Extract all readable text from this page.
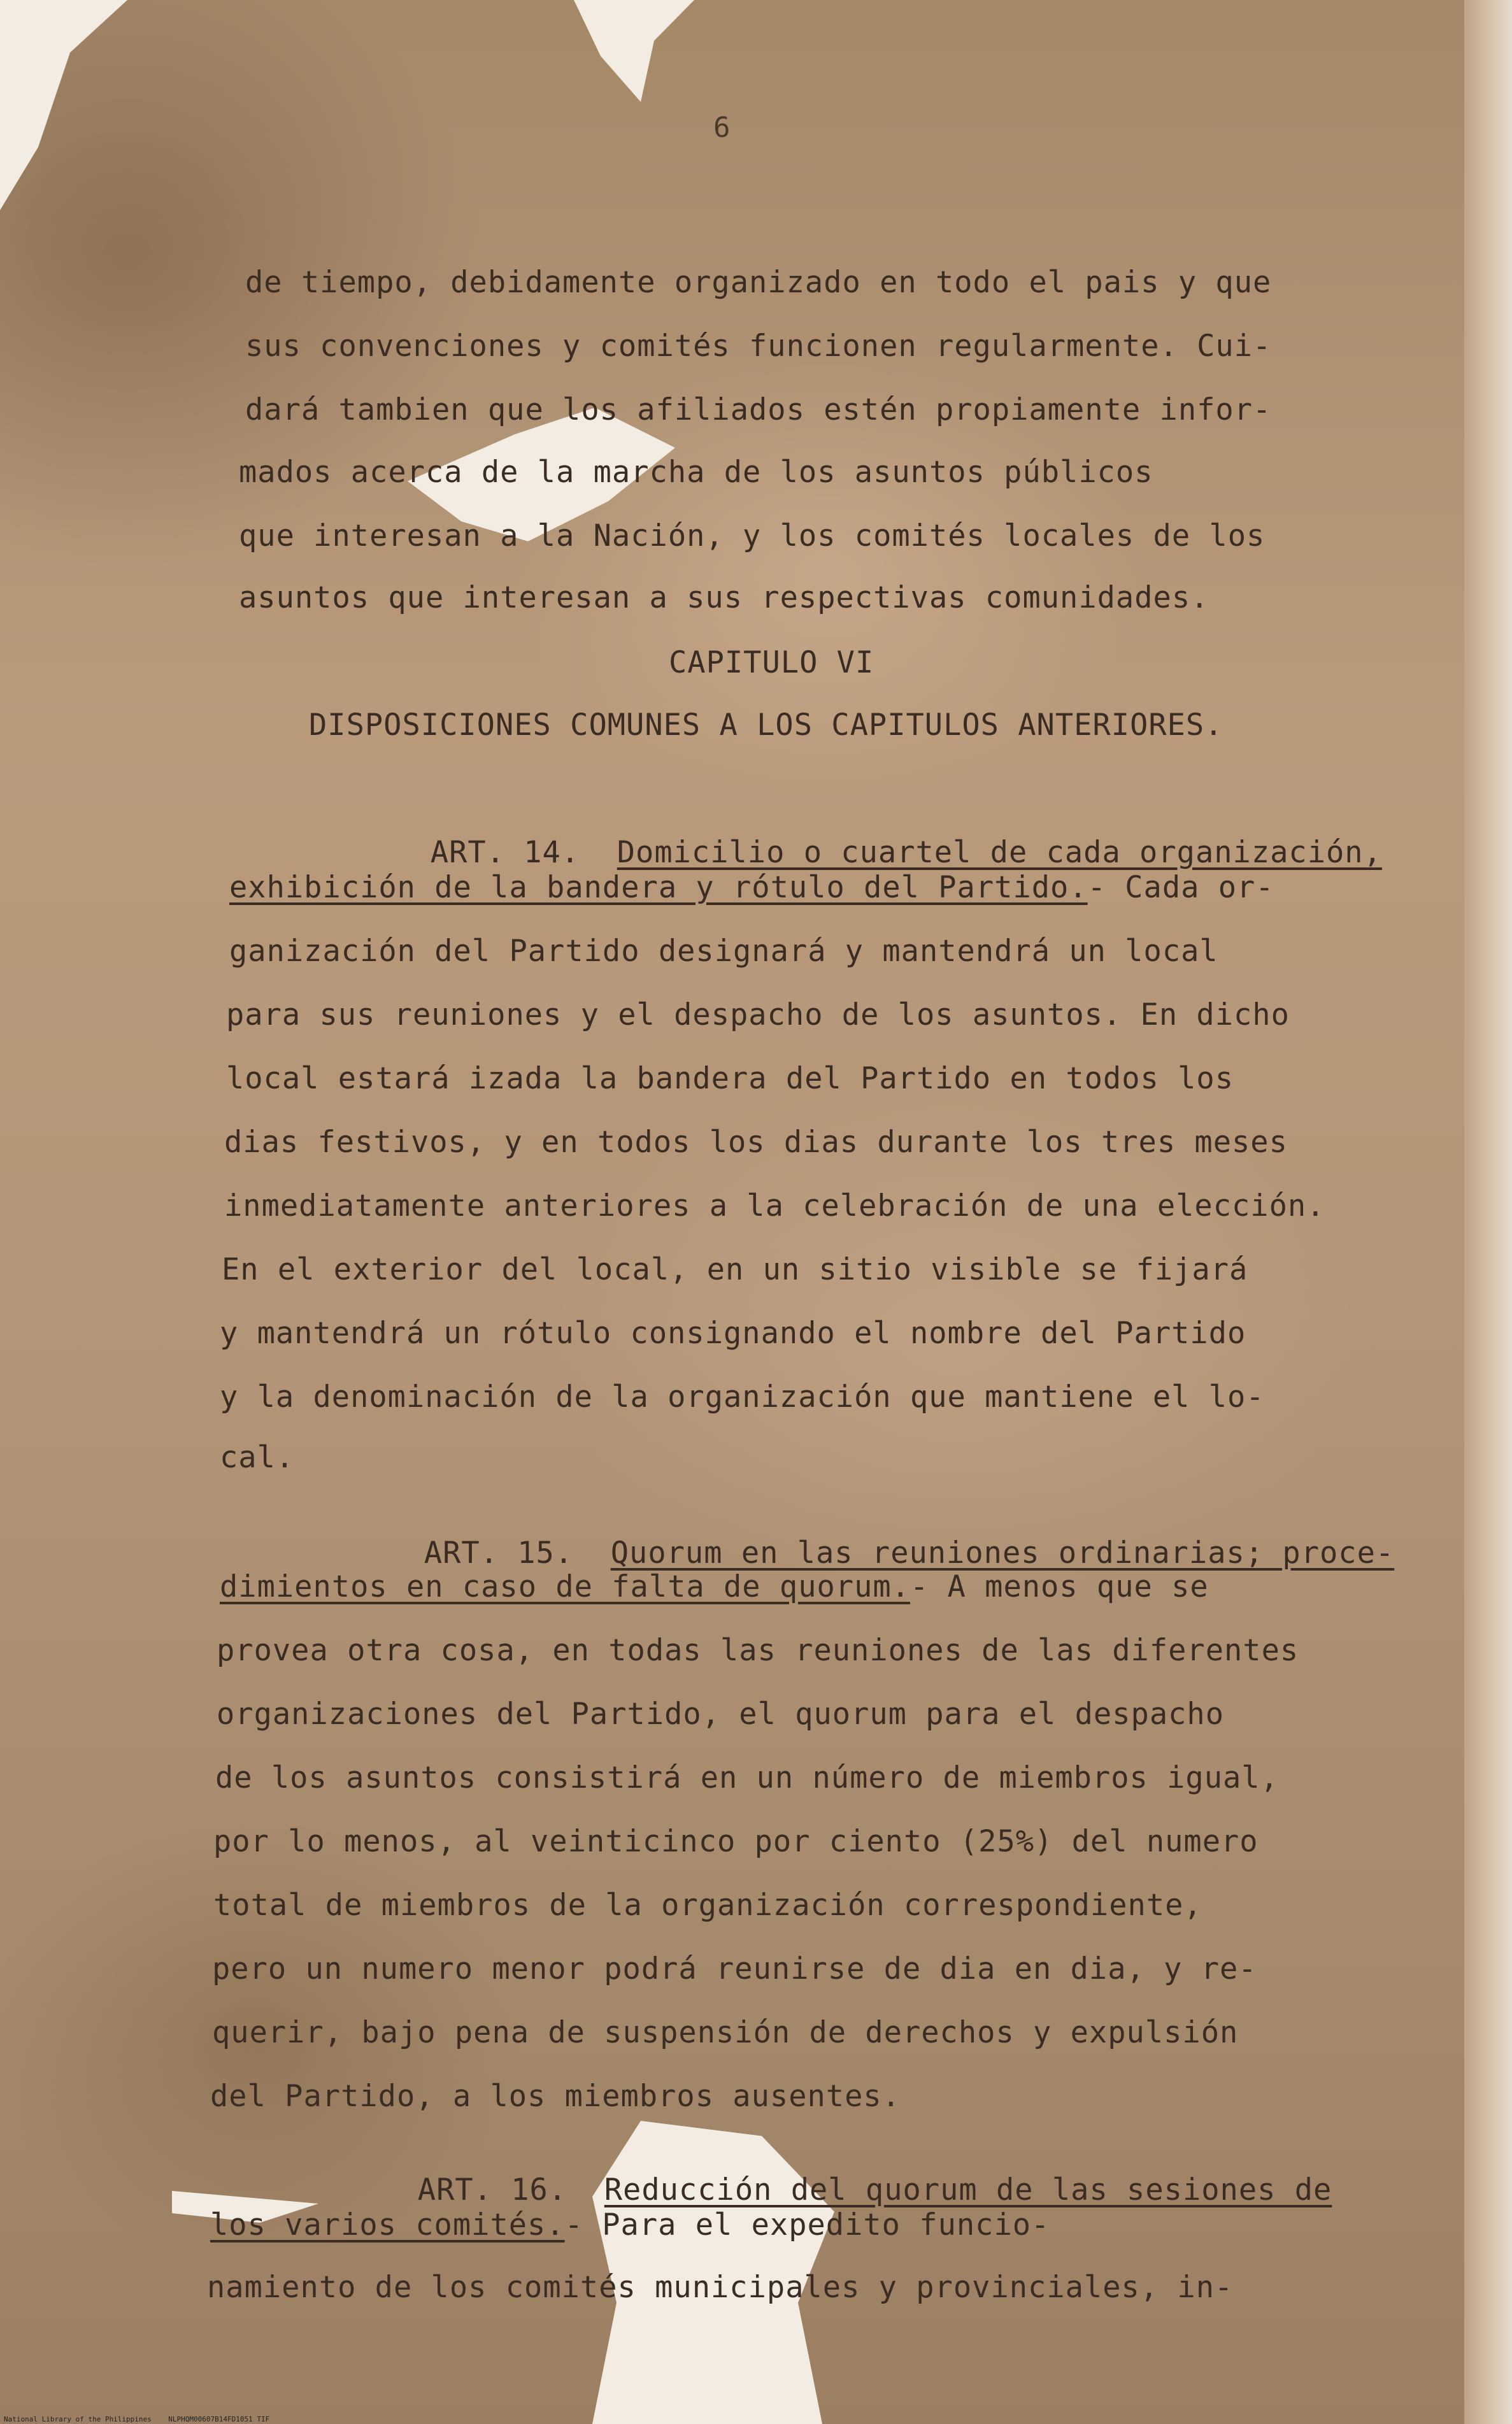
6
de tiempo, debidamente organizado en todo el pais y que
sus convenciones y comités funcionen regularmente. Cui-
dará tambien que los afiliados estén propiamente infor-
mados acerca de la marcha de los asuntos públicos
que interesan a la Nación, y los comités locales de los
asuntos que interesan a sus respectivas comunidades.
CAPITULO VI
DISPOSICIONES COMUNES A LOS CAPITULOS ANTERIORES.

ART. 14. Domicilio o cuartel de cada organización,

exhibición de la bandera y rótulo del Partido.- Cada or-
ganización del Partido designará y mantendrá un local
para sus reuniones y el despacho de los asuntos. En dicho
local estará izada la bandera del Partido en todos los
dias festivos, y en todos los dias durante los tres meses
inmediatamente anteriores a la celebración de una elección.
En el exterior del local, en un sitio visible se fijará
y mantendrá un rótulo consignando el nombre del Partido
y la denominación de la organización que mantiene el lo-
cal.

ART. 15. Quorum en las reuniones ordinarias; proce-

dimientos en caso de falta de quorum.- A menos que se
provea otra cosa, en todas las reuniones de las diferentes
organizaciones del Partido, el quorum para el despacho
de los asuntos consistirá en un número de miembros igual,
por lo menos, al veinticinco por ciento (25%) del numero
total de miembros de la organización correspondiente,
pero un numero menor podrá reunirse de dia en dia, y re-
querir, bajo pena de suspensión de derechos y expulsión
del Partido, a los miembros ausentes.

ART. 16. Reducción del quorum de las sesiones de

los varios comités.- Para el expedito funcio-
namiento de los comités municipales y provinciales, in-
National Library of the Philippines    NLPHQM00607B14FD1051 TIF
